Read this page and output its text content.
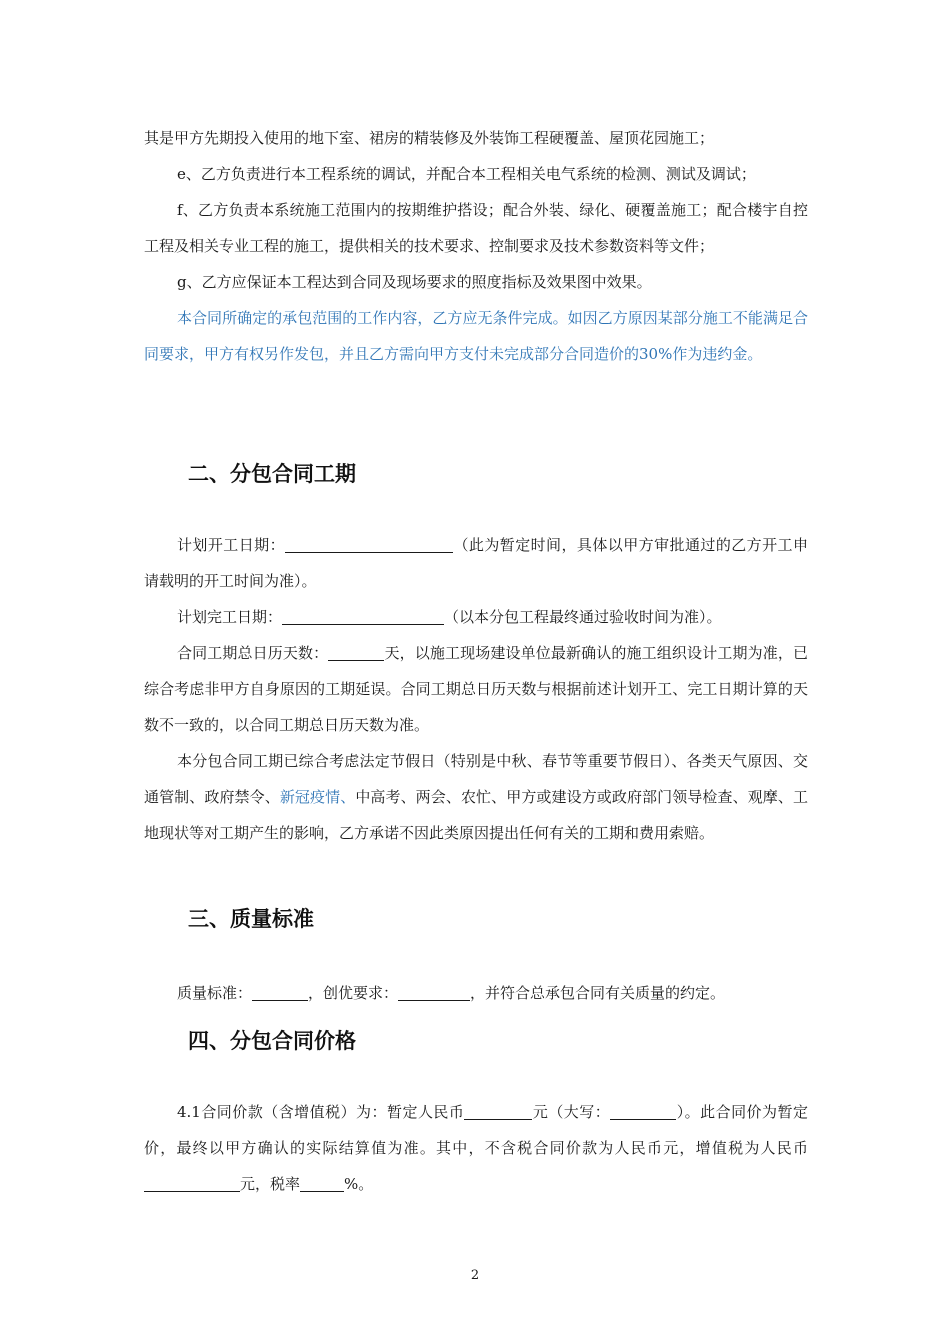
其是甲方先期投入使用的地下室、裙房的精装修及外装饰工程硬覆盖、屋顶花园施工；

e、乙方负责进行本工程系统的调试，并配合本工程相关电气系统的检测、测试及调试；

f、乙方负责本系统施工范围内的按期维护搭设；配合外装、绿化、硬覆盖施工；配合楼宇自控工程及相关专业工程的施工，提供相关的技术要求、控制要求及技术参数资料等文件；

g、乙方应保证本工程达到合同及现场要求的照度指标及效果图中效果。

本合同所确定的承包范围的工作内容，乙方应无条件完成。如因乙方原因某部分施工不能满足合同要求，甲方有权另作发包，并且乙方需向甲方支付未完成部分合同造价的30%作为违约金。

二、分包合同工期

计划开工日期：	（此为暂定时间，具体以甲方审批通过的乙方开工申请载明的开工时间为准）。

计划完工日期：	（以本分包工程最终通过验收时间为准）。

合同工期总日历天数：	天，以施工现场建设单位最新确认的施工组织设计工期为准，已综合考虑非甲方自身原因的工期延误。合同工期总日历天数与根据前述计划开工、完工日期计算的天数不一致的，以合同工期总日历天数为准。

本分包合同工期已综合考虑法定节假日（特别是中秋、春节等重要节假日）、各类天气原因、交通管制、政府禁令、新冠疫情、中高考、两会、农忙、甲方或建设方或政府部门领导检查、观摩、工地现状等对工期产生的影响，乙方承诺不因此类原因提出任何有关的工期和费用索赔。

三、质量标准

质量标准：	，创优要求：	，并符合总承包合同有关质量的约定。

四、分包合同价格

4.1合同价款（含增值税）为：暂定人民币	元（大写：	）。此合同价为暂定价，最终以甲方确认的实际结算值为准。其中，不含税合同价款为人民币元，增值税为人民币元，税率	%。

2
